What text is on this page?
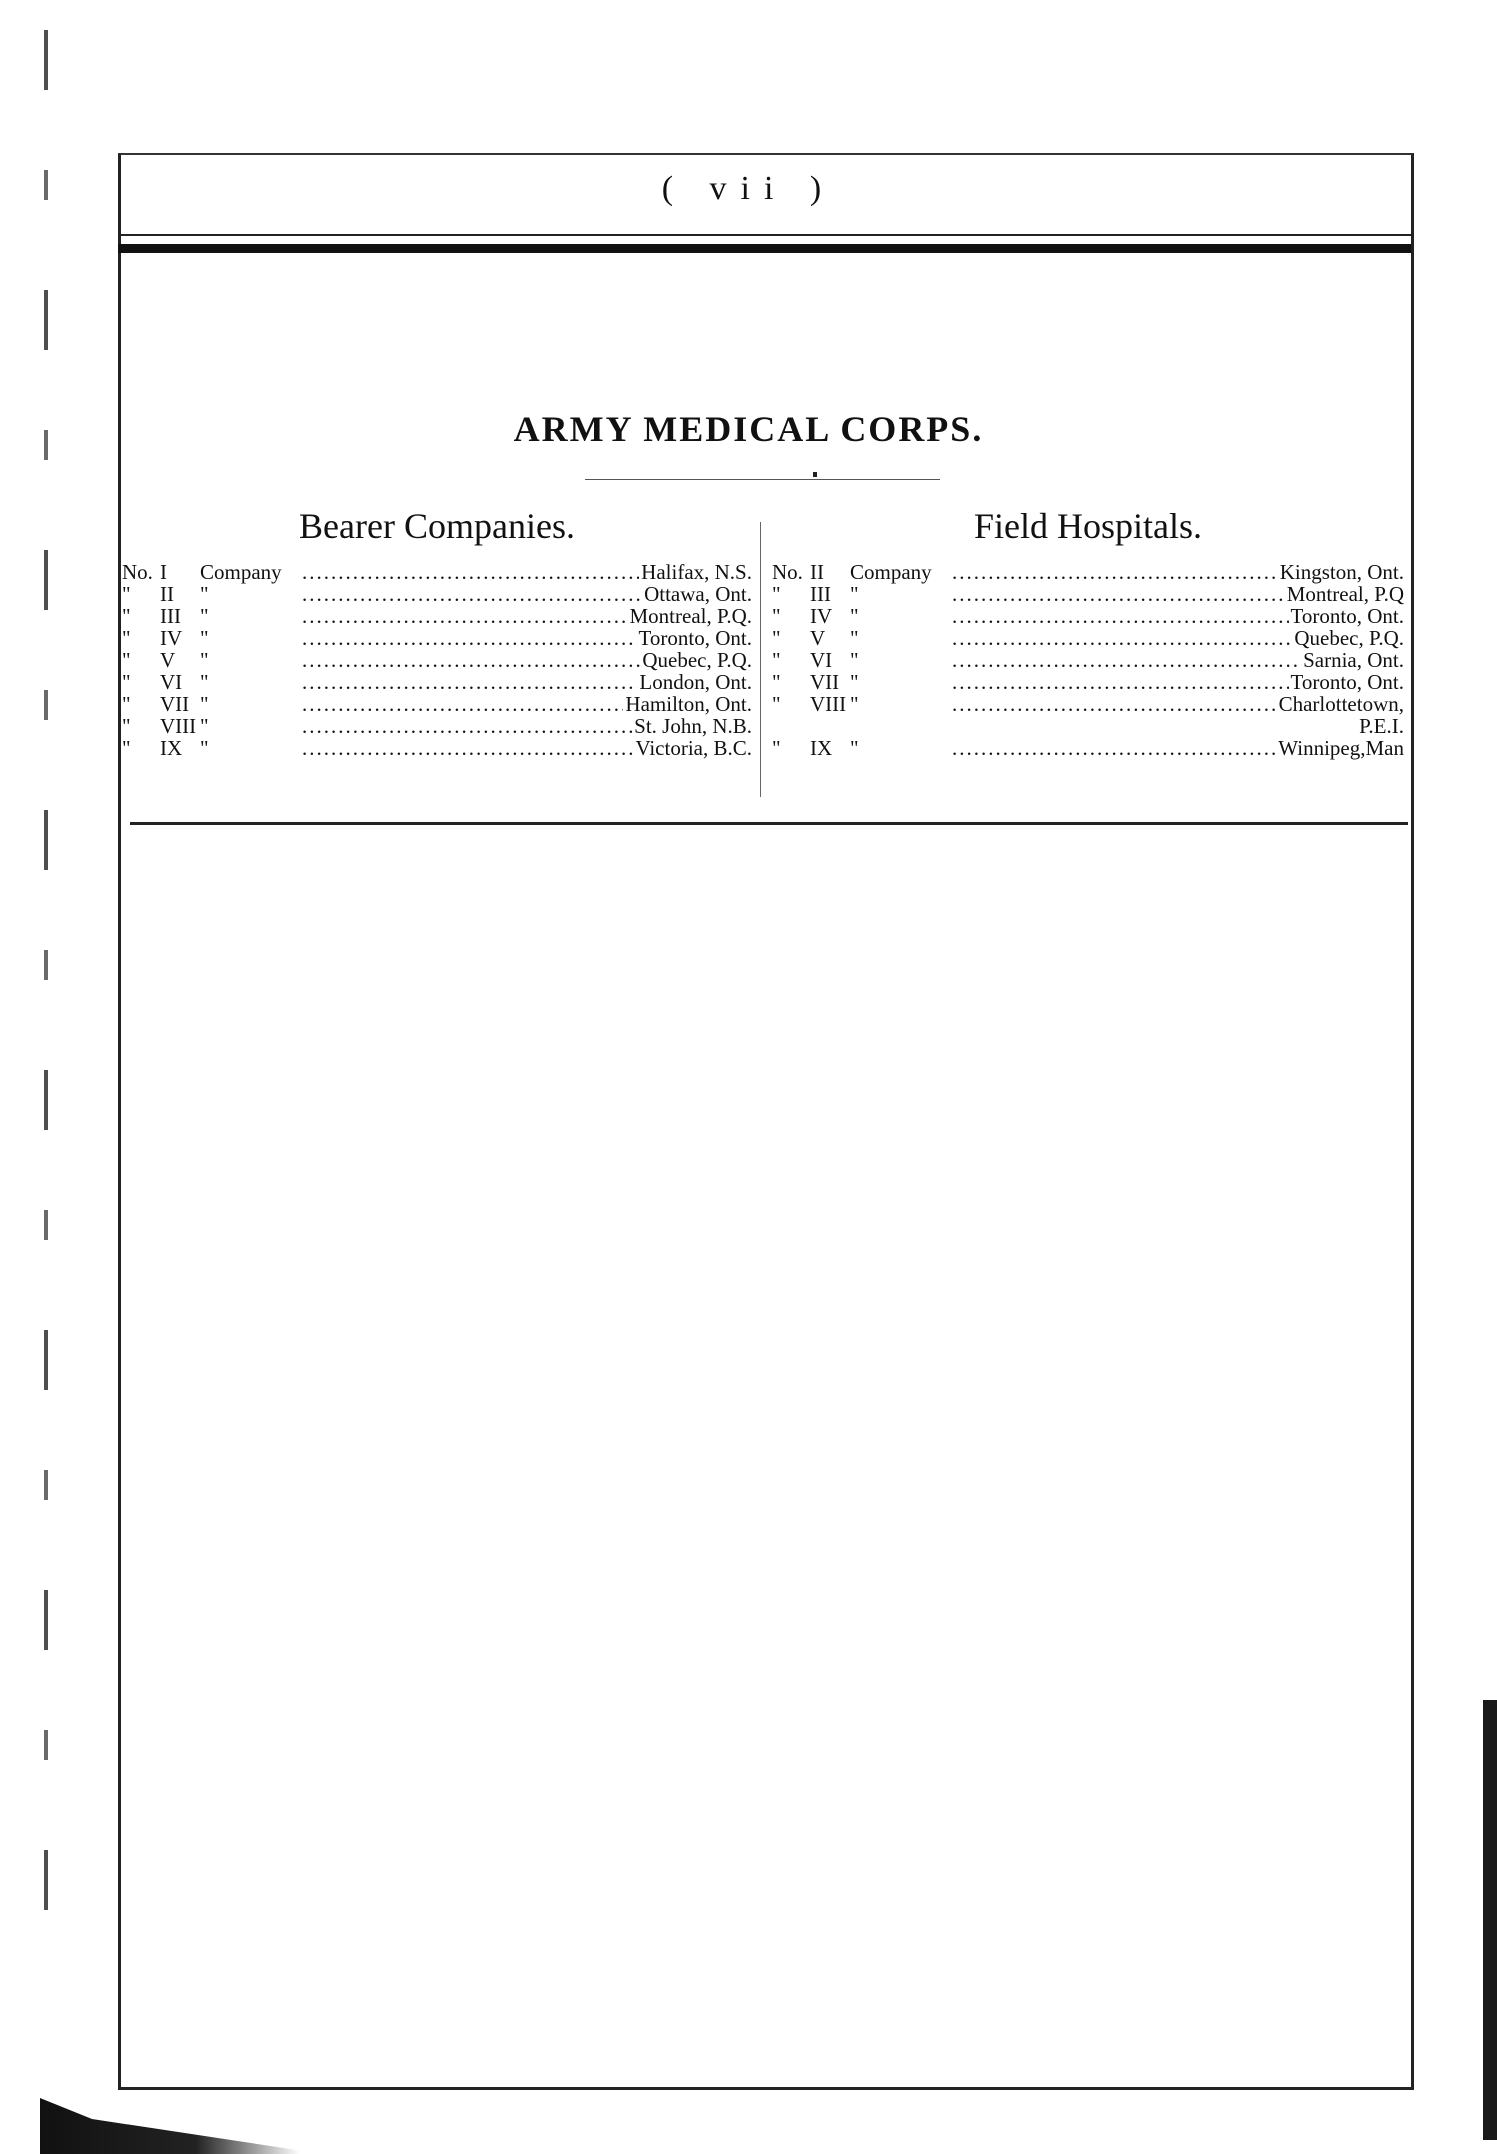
( vii )
ARMY MEDICAL CORPS.
Bearer Companies.
No. I	Company .....	Halifax, N.S.
"	II	" .....	Ottawa, Ont.
"	III " .....	Montreal, P.Q.
"	IV " .....	Toronto, Ont.
"	V	" .....	Quebec, P.Q.
"	VI " .....	London, Ont.
"	VII " .....	Hamilton, Ont.
"	VIII " .....	St. John, N.B.
"	IX " .....	Victoria, B.C.
Field Hospitals.
No. II	Company .....	Kingston, Ont.
"	III " .....	Montreal, P.Q
"	IV " .....	Toronto, Ont.
"	V	" .....	Quebec, P.Q.
"	VI " .....	Sarnia, Ont.
"	VII " .....	Toronto, Ont.
"	VIII " .....	Charlottetown,
P.E.I.
"	IX " .....	Winnipeg,Man
